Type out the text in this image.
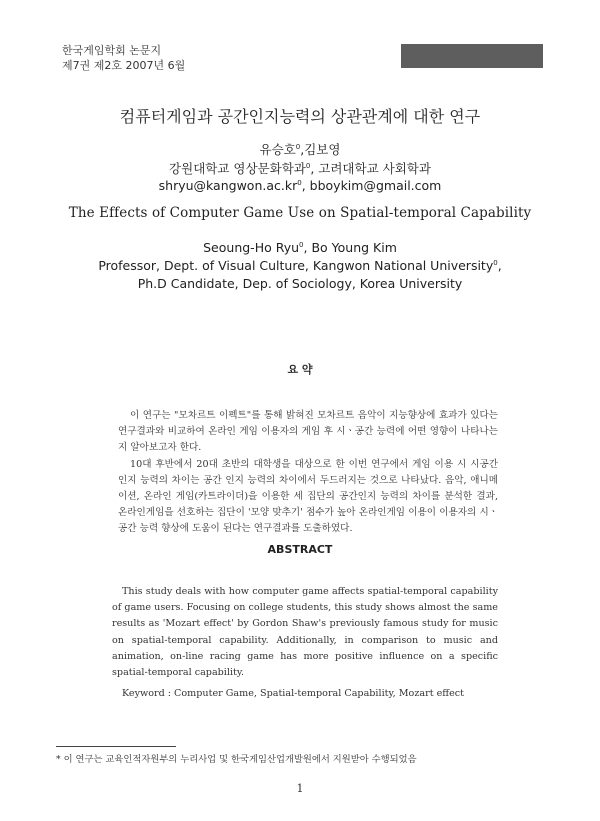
한국게임학회 논문지
제7권 제2호 2007년 6월
컴퓨터게임과 공간인지능력의 상관관계에 대한 연구
유승호$^0$,김보영
강원대학교 영상문화학과$^0$, 고려대학교 사회학과
$shryu@kangwon.ac.kr^0$, bboykim@gmail.com
The Effects of Computer Game Use on Spatial-temporal Capability
Seoung-Ho Ryu$^0$, Bo Young Kim
Professor, Dept. of Visual Culture, Kangwon National University$^0$,
Ph.D Candidate, Dep. of Sociology, Korea University
요 약
이 연구는 "모차르트 이펙트"를 통해 밝혀진 모차르트 음악이 지능향상에 효과가 있다는 연구결과와 비교하여 온라인 게임 이용자의 게임 후 시ㆍ공간 능력에 어떤 영향이 나타나는지 알아보고자 한다.
10대 후반에서 20대 초반의 대학생을 대상으로 한 이번 연구에서 게임 이용 시 시공간 인지 능력의 차이는 공간 인지 능력의 차이에서 두드러지는 것으로 나타났다. 음악, 애니메이션, 온라인 게임(카트라이더)을 이용한 세 집단의 공간인지 능력의 차이를 분석한 결과, 온라인게임을 선호하는 집단이 '모양 맞추기' 점수가 높아 온라인게임 이용이 이용자의 시ㆍ공간 능력 향상에 도움이 된다는 연구결과를 도출하였다.
ABSTRACT
This study deals with how computer game affects spatial-temporal capability of game users. Focusing on college students, this study shows almost the same results as 'Mozart effect' by Gordon Shaw's previously famous study for music on spatial-temporal capability. Additionally, in comparison to music and animation, on-line racing game has more positive influence on a specific spatial-temporal capability.
Keyword : Computer Game, Spatial-temporal Capability, Mozart effect
* 이 연구는 교육인적자원부의 누리사업 및 한국게임산업개발원에서 지원받아 수행되었음
1
